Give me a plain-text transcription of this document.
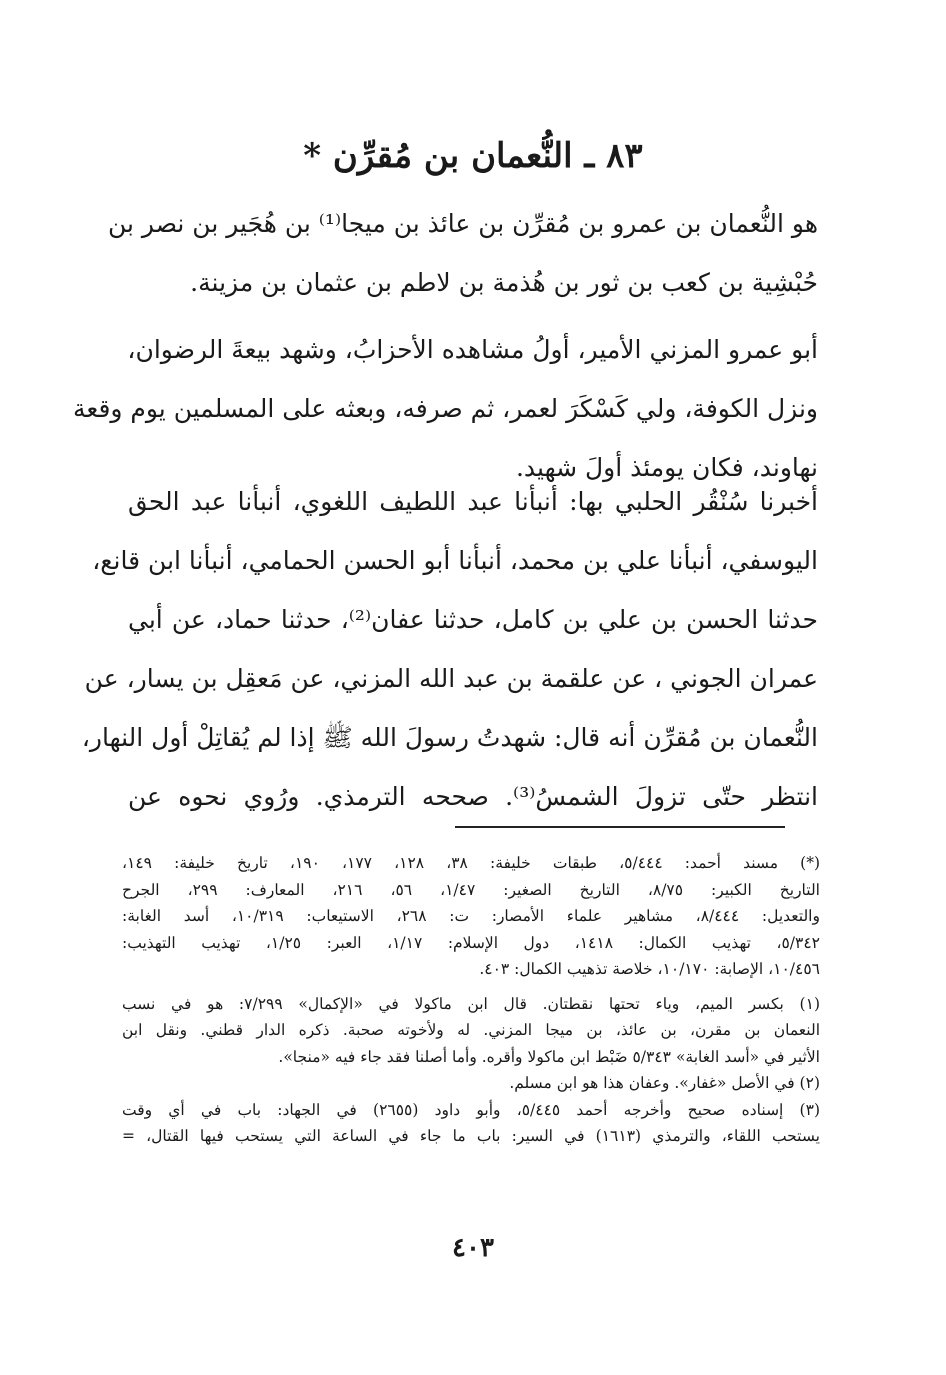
٨٣ ـ النُّعمان بن مُقرِّن *
هو النُّعمان بن عمرو بن مُقرِّن بن عائذ بن ميجا⁽¹⁾ بن هُجَير بن نصر بن
حُبْشِية بن كعب بن ثور بن هُذمة بن لاطم بن عثمان بن مزينة.
أبو عمرو المزني الأمير، أولُ مشاهده الأحزابُ، وشهد بيعةَ الرضوان،
ونزل الكوفة، ولي كَسْكَرَ لعمر، ثم صرفه، وبعثه على المسلمين يوم وقعة
نهاوند، فكان يومئذ أولَ شهيد.
أخبرنا سُنْقُر الحلبي بها: أنبأنا عبد اللطيف اللغوي، أنبأنا عبد الحق
اليوسفي، أنبأنا علي بن محمد، أنبأنا أبو الحسن الحمامي، أنبأنا ابن قانع،
حدثنا الحسن بن علي بن كامل، حدثنا عفان⁽²⁾، حدثنا حماد، عن أبي
عمران الجوني ، عن علقمة بن عبد الله المزني، عن مَعقِل بن يسار، عن
النُّعمان بن مُقرِّن أنه قال: شهدتُ رسولَ الله ﷺ إذا لم يُقاتِلْ أول النهار،
انتظر حتّى تزولَ الشمسُ⁽³⁾. صححه الترمذي. ورُوي نحوه عن
(*) مسند أحمد: ٥/٤٤٤، طبقات خليفة: ٣٨، ١٢٨، ١٧٧، ١٩٠، تاريخ خليفة: ١٤٩،
التاريخ الكبير: ٨/٧٥، التاريخ الصغير: ١/٤٧، ٥٦، ٢١٦، المعارف: ٢٩٩، الجرح
والتعديل: ٨/٤٤٤، مشاهير علماء الأمصار: ت: ٢٦٨، الاستيعاب: ١٠/٣١٩، أسد الغابة:
٥/٣٤٢، تهذيب الكمال: ١٤١٨، دول الإسلام: ١/١٧، العبر: ١/٢٥، تهذيب التهذيب:
١٠/٤٥٦، الإصابة: ١٠/١٧٠، خلاصة تذهيب الكمال: ٤٠٣.
(١) بكسر الميم، وياء تحتها نقطتان. قال ابن ماكولا في «الإكمال» ٧/٢٩٩: هو في نسب
النعمان بن مقرن، بن عائذ، بن ميجا المزني. له ولأخوته صحبة. ذكره الدار قطني. ونقل ابن
الأثير في «أسد الغابة» ٥/٣٤٣ ضَبْط ابن ماكولا وأقره. وأما أصلنا فقد جاء فيه «منجا».
(٢) في الأصل «غفار». وعفان هذا هو ابن مسلم.
(٣) إسناده صحيح وأخرجه أحمد ٥/٤٤٥، وأبو داود (٢٦٥٥) في الجهاد: باب في أي وقت
يستحب اللقاء، والترمذي (١٦١٣) في السير: باب ما جاء في الساعة التي يستحب فيها القتال، =
٤٠٣
